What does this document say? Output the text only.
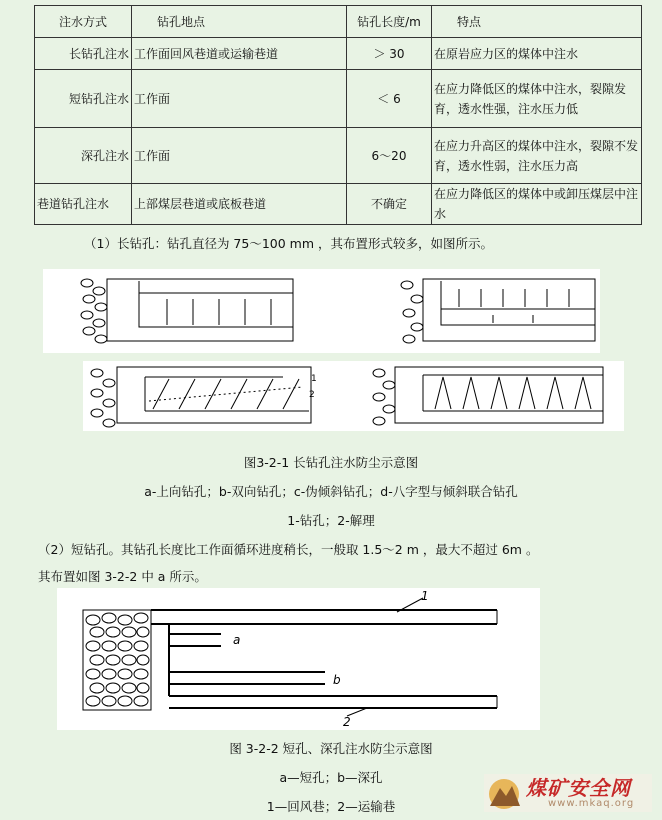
注水方式	钻孔地点	钻孔长度/m	特点
长钻孔注水	工作面回风巷道或运输巷道	＞ 30	在原岩应力区的煤体中注水
短钻孔注水	工作面	＜ 6	在应力降低区的煤体中注水，裂隙发育，透水性强，注水压力低
深孔注水	工作面	6～20	在应力升高区的煤体中注水，裂隙不发育，透水性弱，注水压力高
巷道钻孔注水	上部煤层巷道或底板巷道	不确定	在应力降低区的煤体中或卸压煤层中注水
（1）长钻孔：钻孔直径为 75～100 mm ，其布置形式较多，如图所示。
1
2
图3-2-1 长钻孔注水防尘示意图
a-上向钻孔；b-双向钻孔；c-伪倾斜钻孔；d-八字型与倾斜联合钻孔
1-钻孔；2-解理
（2）短钻孔。其钻孔长度比工作面循环进度稍长，一般取 1.5～2 m ，最大不超过 6m 。
其布置如图 3-2-2 中 a 所示。
1
a
b
2
图 3-2-2 短孔、深孔注水防尘示意图
a—短孔；b—深孔
1—回风巷；2—运输巷
煤矿安全网
www.mkaq.org
